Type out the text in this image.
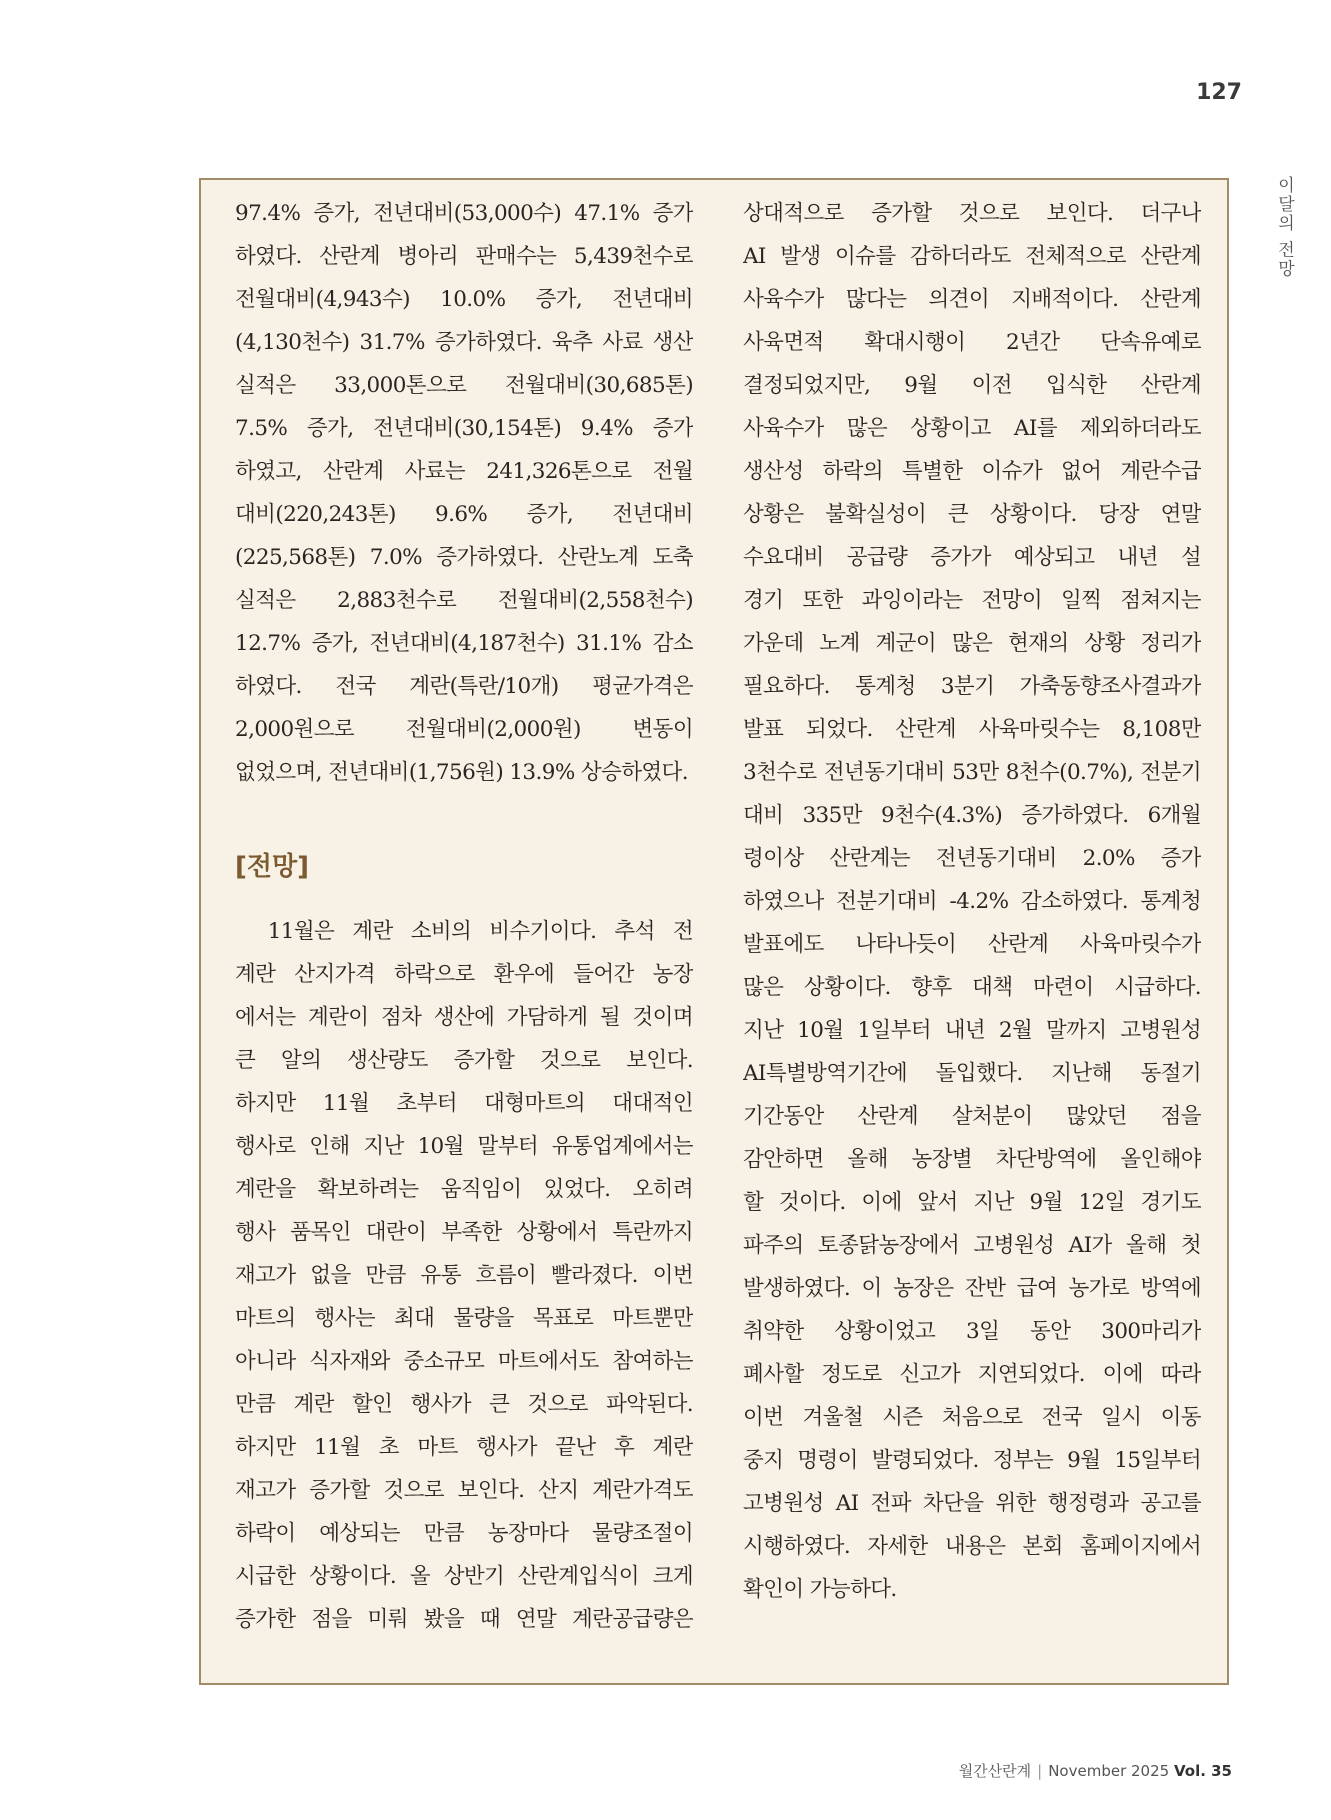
127
이달의 전망
97.4% 증가, 전년대비(53,000수) 47.1% 증가
하였다. 산란계 병아리 판매수는 5,439천수로
전월대비(4,943수) 10.0% 증가, 전년대비
(4,130천수) 31.7% 증가하였다. 육추 사료 생산
실적은 33,000톤으로 전월대비(30,685톤)
7.5% 증가, 전년대비(30,154톤) 9.4% 증가
하였고, 산란계 사료는 241,326톤으로 전월
대비(220,243톤) 9.6% 증가, 전년대비
(225,568톤) 7.0% 증가하였다. 산란노계 도축
실적은 2,883천수로 전월대비(2,558천수)
12.7% 증가, 전년대비(4,187천수) 31.1% 감소
하였다. 전국 계란(특란/10개) 평균가격은
2,000원으로 전월대비(2,000원) 변동이
없었으며, 전년대비(1,756원) 13.9% 상승하였다.
[전망]
　11월은 계란 소비의 비수기이다. 추석 전
계란 산지가격 하락으로 환우에 들어간 농장
에서는 계란이 점차 생산에 가담하게 될 것이며
큰 알의 생산량도 증가할 것으로 보인다.
하지만 11월 초부터 대형마트의 대대적인
행사로 인해 지난 10월 말부터 유통업계에서는
계란을 확보하려는 움직임이 있었다. 오히려
행사 품목인 대란이 부족한 상황에서 특란까지
재고가 없을 만큼 유통 흐름이 빨라졌다. 이번
마트의 행사는 최대 물량을 목표로 마트뿐만
아니라 식자재와 중소규모 마트에서도 참여하는
만큼 계란 할인 행사가 큰 것으로 파악된다.
하지만 11월 초 마트 행사가 끝난 후 계란
재고가 증가할 것으로 보인다. 산지 계란가격도
하락이 예상되는 만큼 농장마다 물량조절이
시급한 상황이다. 올 상반기 산란계입식이 크게
증가한 점을 미뤄 봤을 때 연말 계란공급량은
상대적으로 증가할 것으로 보인다. 더구나
AI 발생 이슈를 감하더라도 전체적으로 산란계
사육수가 많다는 의견이 지배적이다. 산란계
사육면적 확대시행이 2년간 단속유예로
결정되었지만, 9월 이전 입식한 산란계
사육수가 많은 상황이고 AI를 제외하더라도
생산성 하락의 특별한 이슈가 없어 계란수급
상황은 불확실성이 큰 상황이다. 당장 연말
수요대비 공급량 증가가 예상되고 내년 설
경기 또한 과잉이라는 전망이 일찍 점쳐지는
가운데 노계 계군이 많은 현재의 상황 정리가
필요하다. 통계청 3분기 가축동향조사결과가
발표 되었다. 산란계 사육마릿수는 8,108만
3천수로 전년동기대비 53만 8천수(0.7%), 전분기
대비 335만 9천수(4.3%) 증가하였다. 6개월
령이상 산란계는 전년동기대비 2.0% 증가
하였으나 전분기대비 -4.2% 감소하였다. 통계청
발표에도 나타나듯이 산란계 사육마릿수가
많은 상황이다. 향후 대책 마련이 시급하다.
지난 10월 1일부터 내년 2월 말까지 고병원성
AI특별방역기간에 돌입했다. 지난해 동절기
기간동안 산란계 살처분이 많았던 점을
감안하면 올해 농장별 차단방역에 올인해야
할 것이다. 이에 앞서 지난 9월 12일 경기도
파주의 토종닭농장에서 고병원성 AI가 올해 첫
발생하였다. 이 농장은 잔반 급여 농가로 방역에
취약한 상황이었고 3일 동안 300마리가
폐사할 정도로 신고가 지연되었다. 이에 따라
이번 겨울철 시즌 처음으로 전국 일시 이동
중지 명령이 발령되었다. 정부는 9월 15일부터
고병원성 AI 전파 차단을 위한 행정령과 공고를
시행하였다. 자세한 내용은 본회 홈페이지에서
확인이 가능하다.
월간산란계 | November 2025 Vol. 35
